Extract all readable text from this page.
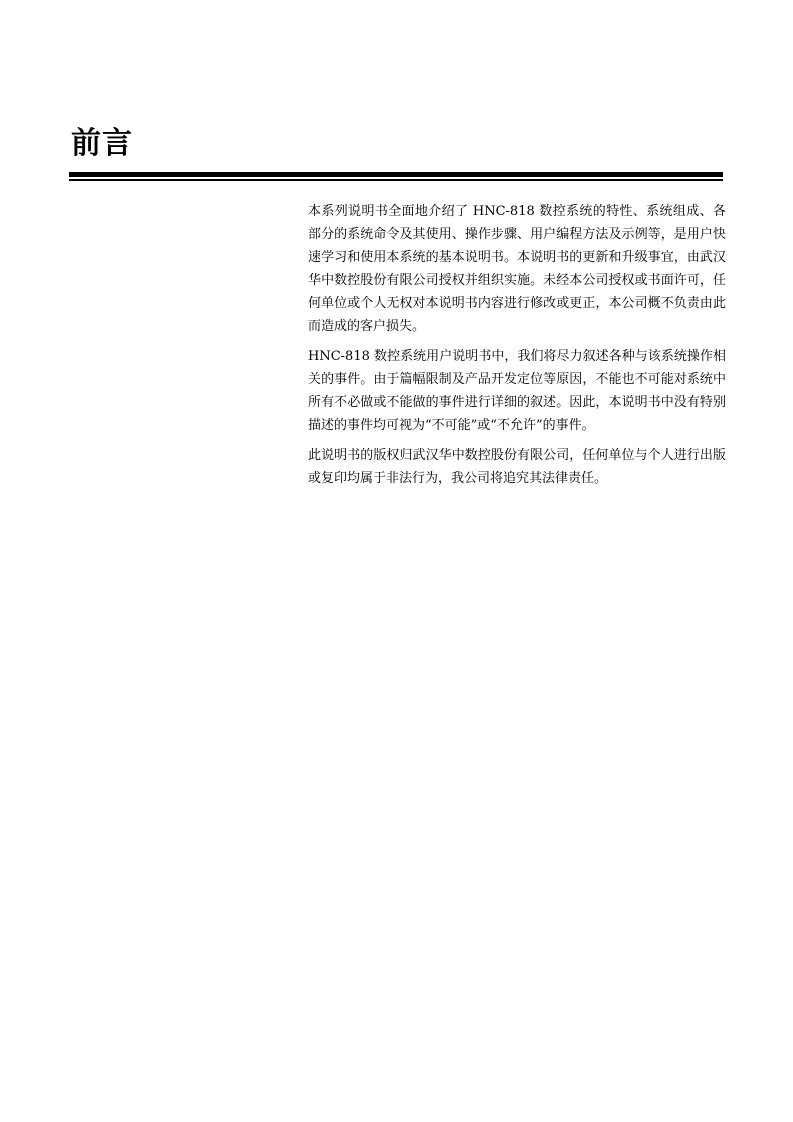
前言

本系列说明书全面地介绍了 HNC-818 数控系统的特性、系统组成、各部分的系统命令及其使用、操作步骤、用户编程方法及示例等，是用户快速学习和使用本系统的基本说明书。本说明书的更新和升级事宜，由武汉华中数控股份有限公司授权并组织实施。未经本公司授权或书面许可，任何单位或个人无权对本说明书内容进行修改或更正，本公司概不负责由此而造成的客户损失。

HNC-818 数控系统用户说明书中，我们将尽力叙述各种与该系统操作相关的事件。由于篇幅限制及产品开发定位等原因，不能也不可能对系统中所有不必做或不能做的事件进行详细的叙述。因此，本说明书中没有特别描述的事件均可视为“不可能”或“不允许”的事件。

此说明书的版权归武汉华中数控股份有限公司，任何单位与个人进行出版或复印均属于非法行为，我公司将追究其法律责任。
